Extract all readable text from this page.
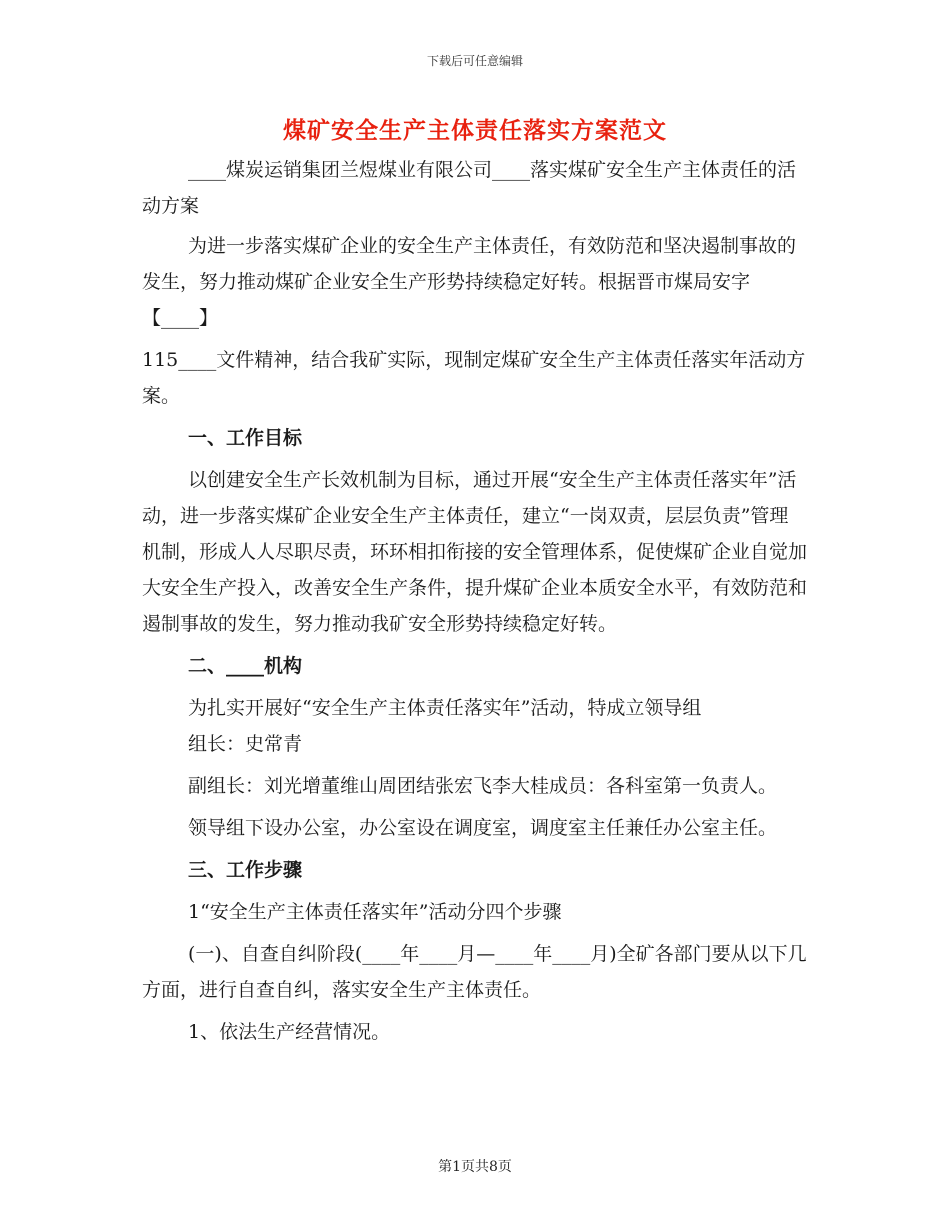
下载后可任意编辑
煤矿安全生产主体责任落实方案范文

____煤炭运销集团兰煜煤业有限公司____落实煤矿安全生产主体责任的活动方案

为进一步落实煤矿企业的安全生产主体责任，有效防范和坚决遏制事故的发生，努力推动煤矿企业安全生产形势持续稳定好转。根据晋市煤局安字【____】

115____文件精神，结合我矿实际，现制定煤矿安全生产主体责任落实年活动方案。

一、工作目标

以创建安全生产长效机制为目标，通过开展“安全生产主体责任落实年”活动，进一步落实煤矿企业安全生产主体责任，建立“一岗双责，层层负责”管理机制，形成人人尽职尽责，环环相扣衔接的安全管理体系，促使煤矿企业自觉加大安全生产投入，改善安全生产条件，提升煤矿企业本质安全水平，有效防范和遏制事故的发生，努力推动我矿安全形势持续稳定好转。

二、____机构

为扎实开展好“安全生产主体责任落实年”活动，特成立领导组

组长：史常青

副组长：刘光增董维山周团结张宏飞李大桂成员：各科室第一负责人。

领导组下设办公室，办公室设在调度室，调度室主任兼任办公室主任。

三、工作步骤

1“安全生产主体责任落实年”活动分四个步骤

(一)、自查自纠阶段(____年____月—____年____月)全矿各部门要从以下几方面，进行自查自纠，落实安全生产主体责任。

1、依法生产经营情况。

第1页共8页
